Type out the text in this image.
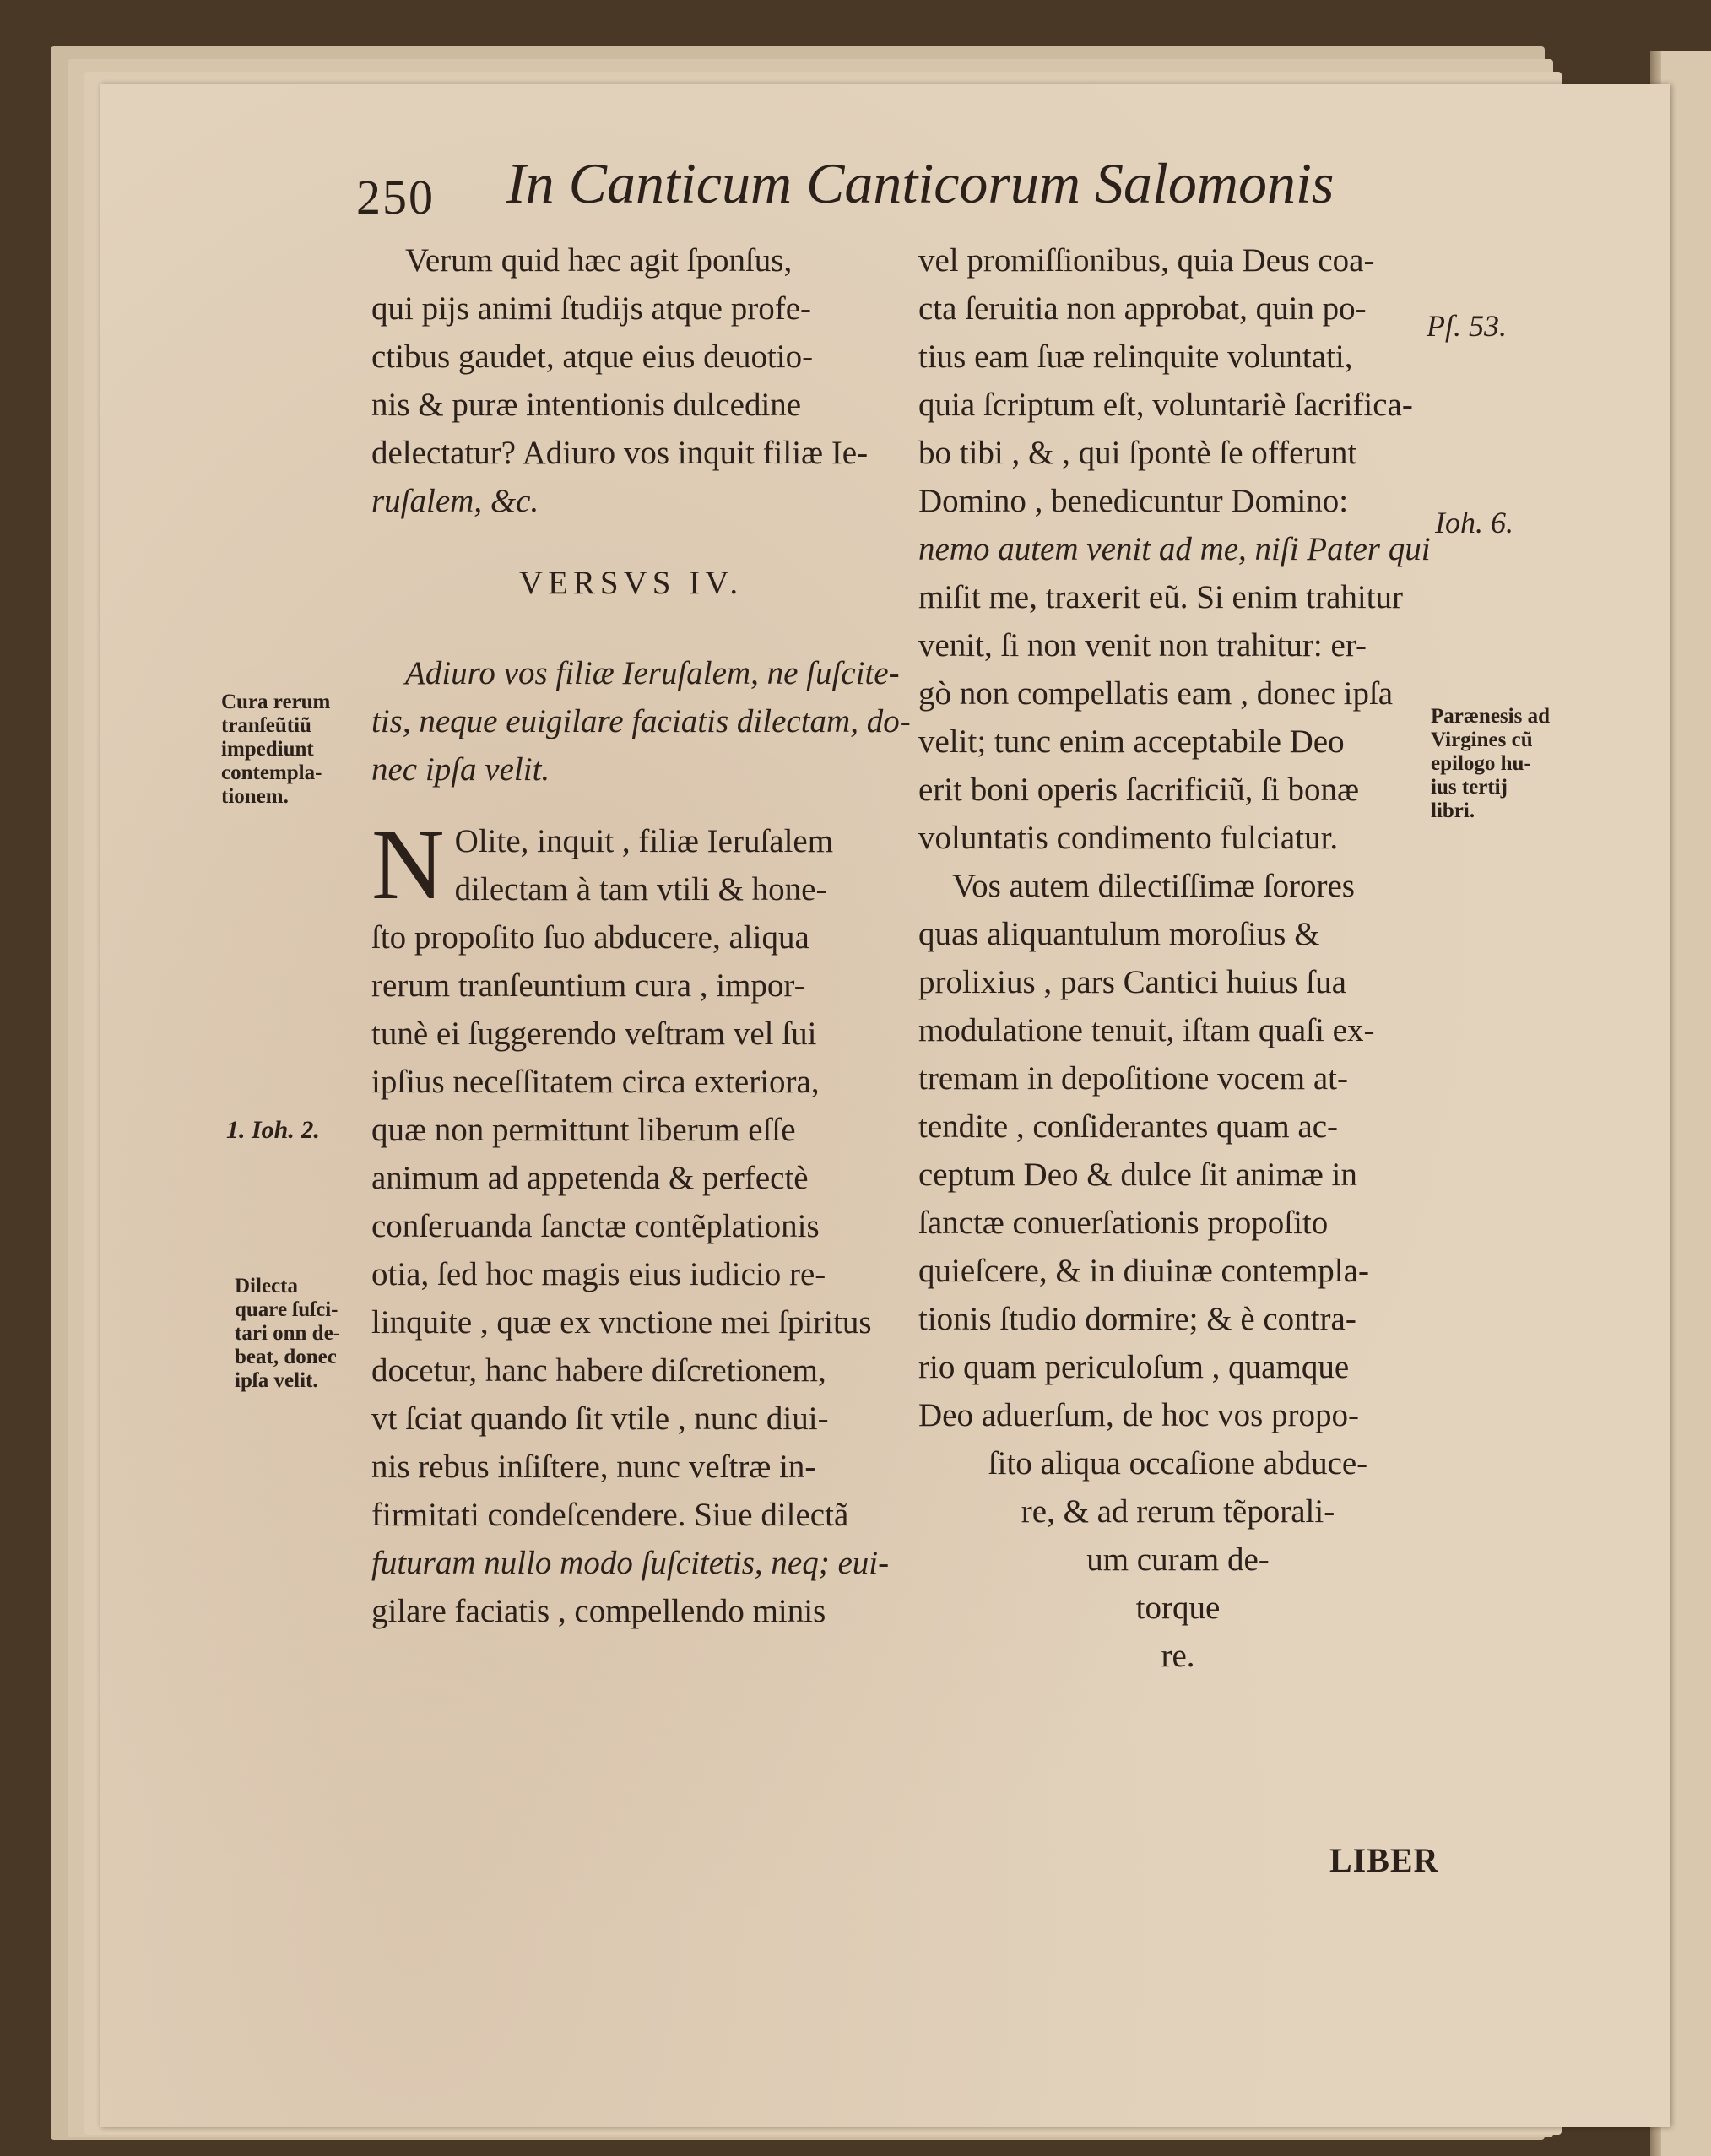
250 In Canticum Canticorum Salomonis
Verum quid hæc agit ſponſus,
qui pijs animi ſtudijs atque profe-
ctibus gaudet, atque eius deuotio-
nis & puræ intentionis dulcedine
delectatur? Adiuro vos inquit filiæ Ie-
ruſalem, &c.
VERSVS IV.
Adiuro vos filiæ Ieruſalem, ne ſuſcite-
tis, neque euigilare faciatis dilectam, do-
nec ipſa velit.
N Olite, inquit , filiæ Ieruſalem
dilectam à tam vtili & hone-
ſto propoſito ſuo abducere, aliqua
rerum tranſeuntium cura , impor-
tunè ei ſuggerendo veſtram vel ſui
ipſius neceſſitatem circa exteriora,
quæ non permittunt liberum eſſe
animum ad appetenda & perfectè
conſeruanda ſanctæ contẽplationis
otia, ſed hoc magis eius iudicio re-
linquite , quæ ex vnctione mei ſpiritus
docetur, hanc habere diſcretionem,
vt ſciat quando ſit vtile , nunc diui-
nis rebus inſiſtere, nunc veſtræ in-
firmitati condeſcendere. Siue dilectã
futuram nullo modo ſuſcitetis, neq; eui-
gilare faciatis , compellendo minis
vel promiſſionibus, quia Deus coa-
cta ſeruitia non approbat, quin po-
tius eam ſuæ relinquite voluntati,
quia ſcriptum eſt, voluntariè ſacrifica-
bo tibi , & , qui ſpontè ſe offerunt
Domino , benedicuntur Domino:
nemo autem venit ad me, niſi Pater qui
miſit me, traxerit eũ. Si enim trahitur
venit, ſi non venit non trahitur: er-
gò non compellatis eam , donec ipſa
velit; tunc enim acceptabile Deo
erit boni operis ſacrificiũ, ſi bonæ
voluntatis condimento fulciatur.
Vos autem dilectiſſimæ ſorores
quas aliquantulum moroſius &
prolixius , pars Cantici huius ſua
modulatione tenuit, iſtam quaſi ex-
tremam in depoſitione vocem at-
tendite , conſiderantes quam ac-
ceptum Deo & dulce ſit animæ in
ſanctæ conuerſationis propoſito
quieſcere, & in diuinæ contempla-
tionis ſtudio dormire; & è contra-
rio quam periculoſum , quamque
Deo aduerſum, de hoc vos propo-
ſito aliqua occaſione abduce-
re, & ad rerum tẽporali-
um curam de-
torque
re.
Cura rerum
tranſeũtiũ
impediunt
contempla-
tionem.
1. Ioh. 2.
Dilecta
quare ſuſci-
tari onn de-
beat, donec
ipſa velit.
Pſ. 53.
Ioh. 6.
Parænesis ad
Virgines cũ
epilogo hu-
ius tertij
libri.
LIBER
